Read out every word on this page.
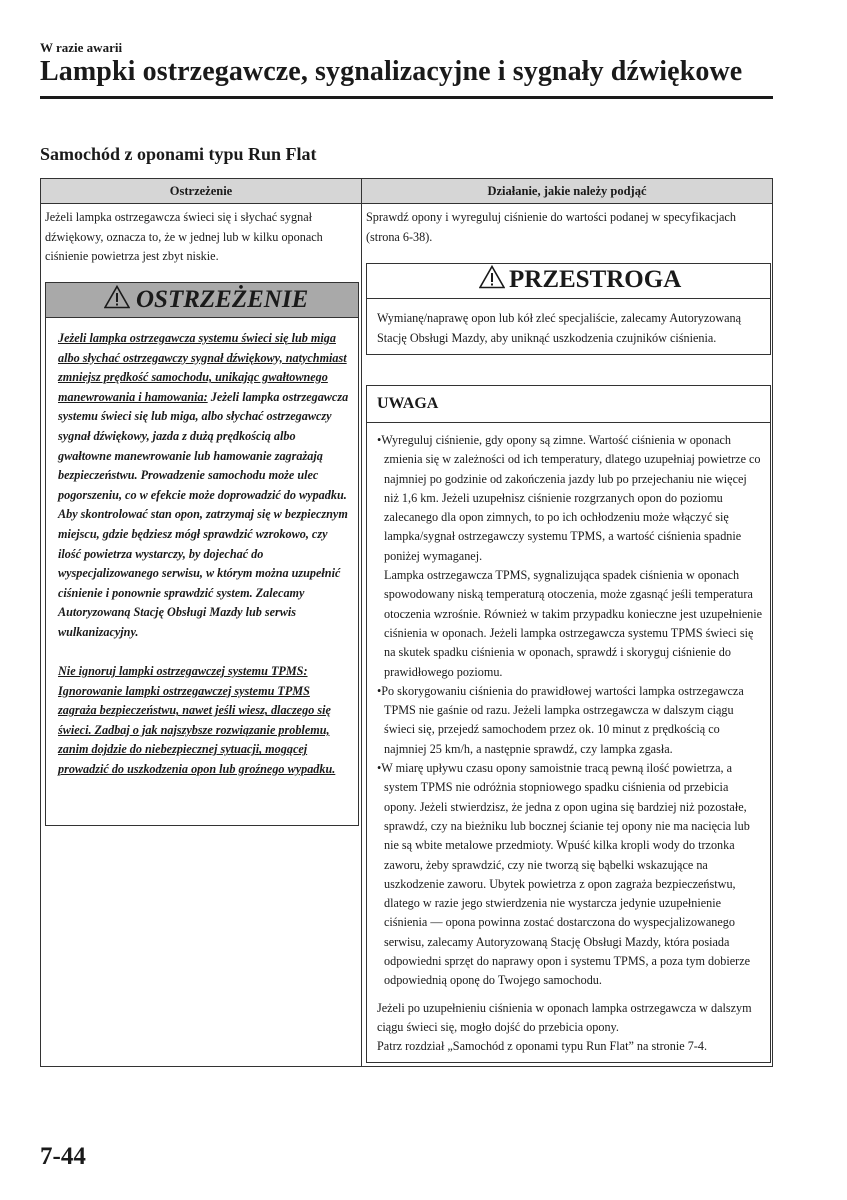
W razie awarii
Lampki ostrzegawcze, sygnalizacyjne i sygnały dźwiękowe
Samochód z oponami typu Run Flat
Ostrzeżenie	Działanie, jakie należy podjąć
Jeżeli lampka ostrzegawcza świeci się i słychać sygnał dźwiękowy, oznacza to, że w jednej lub w kilku oponach ciśnienie powietrza jest zbyt niskie.
Sprawdź opony i wyreguluj ciśnienie do wartości podanej w specyfikacjach (strona 6-38).
OSTRZEŻENIE

Jeżeli lampka ostrzegawcza systemu świeci się lub miga albo słychać ostrzegawczy sygnał dźwiękowy, natychmiast zmniejsz prędkość samochodu, unikając gwałtownego manewrowania i hamowania: Jeżeli lampka ostrzegawcza systemu świeci się lub miga, albo słychać ostrzegawczy sygnał dźwiękowy, jazda z dużą prędkością albo gwałtowne manewrowanie lub hamowanie zagrażają bezpieczeństwu. Prowadzenie samochodu może ulec pogorszeniu, co w efekcie może doprowadzić do wypadku.

Aby skontrolować stan opon, zatrzymaj się w bezpiecznym miejscu, gdzie będziesz mógł sprawdzić wzrokowo, czy ilość powietrza wystarczy, by dojechać do wyspecjalizowanego serwisu, w którym można uzupełnić ciśnienie i ponownie sprawdzić system. Zalecamy Autoryzowaną Stację Obsługi Mazdy lub serwis wulkanizacyjny.

Nie ignoruj lampki ostrzegawczej systemu TPMS: Ignorowanie lampki ostrzegawczej systemu TPMS zagraża bezpieczeństwu, nawet jeśli wiesz, dlaczego się świeci. Zadbaj o jak najszybsze rozwiązanie problemu, zanim dojdzie do niebezpiecznej sytuacji, mogącej prowadzić do uszkodzenia opon lub groźnego wypadku.

PRZESTROGA
Wymianę/naprawę opon lub kół zleć specjaliście, zalecamy Autoryzowaną Stację Obsługi Mazdy, aby uniknąć uszkodzenia czujników ciśnienia.
UWAGA

•Wyreguluj ciśnienie, gdy opony są zimne. Wartość ciśnienia w oponach zmienia się w zależności od ich temperatury, dlatego uzupełniaj powietrze co najmniej po godzinie od zakończenia jazdy lub po przejechaniu nie więcej niż 1,6 km. Jeżeli uzupełnisz ciśnienie rozgrzanych opon do poziomu zalecanego dla opon zimnych, to po ich ochłodzeniu może włączyć się lampka/sygnał ostrzegawczy systemu TPMS, a wartość ciśnienia spadnie poniżej wymaganej.

Lampka ostrzegawcza TPMS, sygnalizująca spadek ciśnienia w oponach spowodowany niską temperaturą otoczenia, może zgasnąć jeśli temperatura otoczenia wzrośnie. Również w takim przypadku konieczne jest uzupełnienie ciśnienia w oponach. Jeżeli lampka ostrzegawcza systemu TPMS świeci się na skutek spadku ciśnienia w oponach, sprawdź i skoryguj ciśnienie do prawidłowego poziomu.

•Po skorygowaniu ciśnienia do prawidłowej wartości lampka ostrzegawcza TPMS nie gaśnie od razu. Jeżeli lampka ostrzegawcza w dalszym ciągu świeci się, przejedź samochodem przez ok. 10 minut z prędkością co najmniej 25 km/h, a następnie sprawdź, czy lampka zgasła.

•W miarę upływu czasu opony samoistnie tracą pewną ilość powietrza, a system TPMS nie odróżnia stopniowego spadku ciśnienia od przebicia opony. Jeżeli stwierdzisz, że jedna z opon ugina się bardziej niż pozostałe, sprawdź, czy na bieżniku lub bocznej ścianie tej opony nie ma nacięcia lub nie są wbite metalowe przedmioty. Wpuść kilka kropli wody do trzonka zaworu, żeby sprawdzić, czy nie tworzą się bąbelki wskazujące na uszkodzenie zaworu. Ubytek powietrza z opon zagraża bezpieczeństwu, dlatego w razie jego stwierdzenia nie wystarcza jedynie uzupełnienie ciśnienia ― opona powinna zostać dostarczona do wyspecjalizowanego serwisu, zalecamy Autoryzowaną Stację Obsługi Mazdy, która posiada odpowiedni sprzęt do naprawy opon i systemu TPMS, a poza tym dobierze odpowiednią oponę do Twojego samochodu.

Jeżeli po uzupełnieniu ciśnienia w oponach lampka ostrzegawcza w dalszym ciągu świeci się, mogło dojść do przebicia opony.

Patrz rozdział „Samochód z oponami typu Run Flat” na stronie 7-4.

7-44
